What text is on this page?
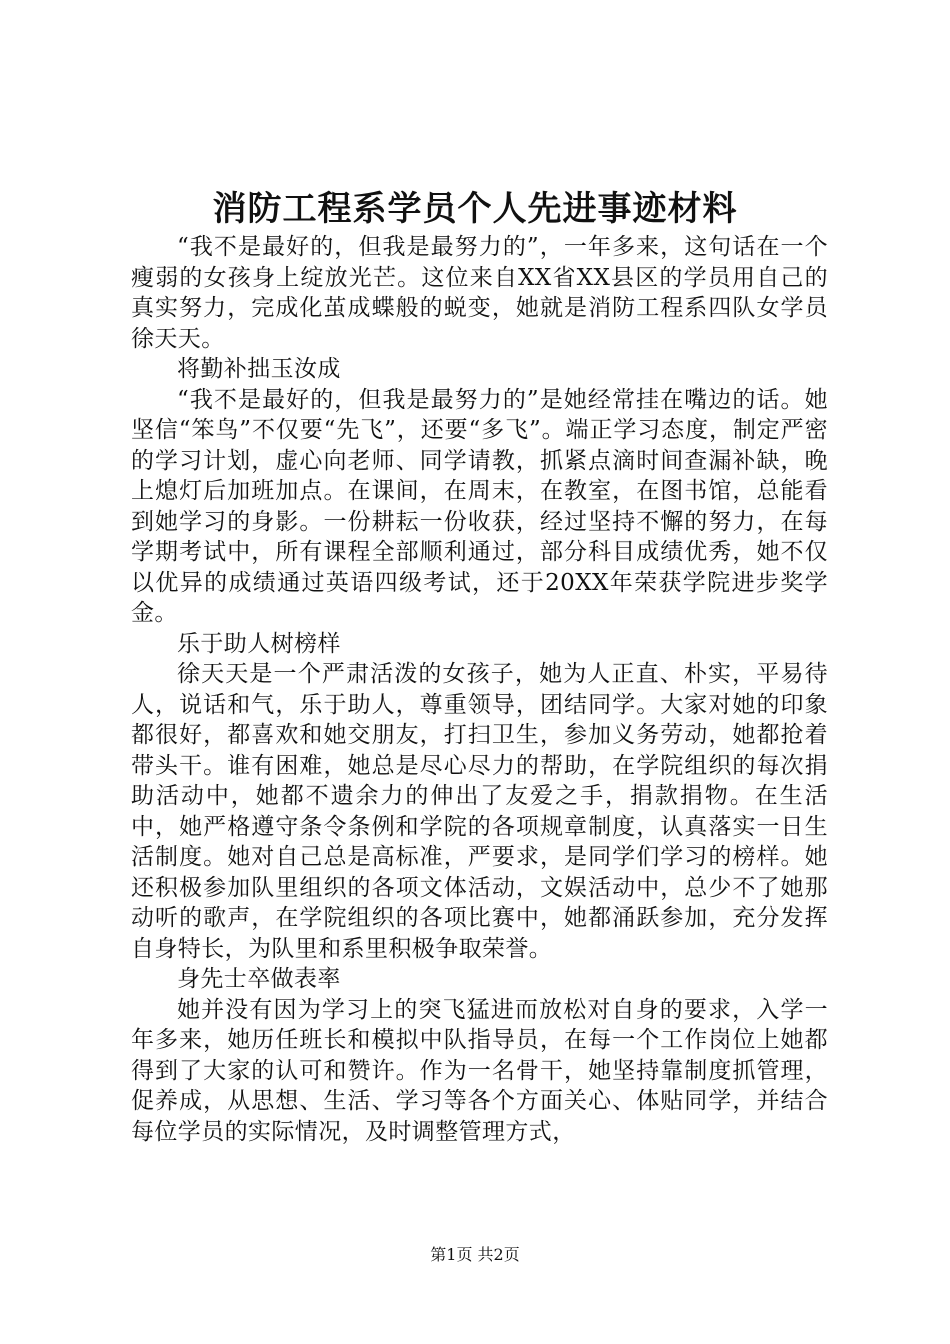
消防工程系学员个人先进事迹材料

“我不是最好的，但我是最努力的”，一年多来，这句话在一个瘦弱的女孩身上绽放光芒。这位来自XX省XX县区的学员用自己的真实努力，完成化茧成蝶般的蜕变，她就是消防工程系四队女学员徐天天。

将勤补拙玉汝成

“我不是最好的，但我是最努力的”是她经常挂在嘴边的话。她坚信“笨鸟”不仅要“先飞”，还要“多飞”。端正学习态度，制定严密的学习计划，虚心向老师、同学请教，抓紧点滴时间查漏补缺，晚上熄灯后加班加点。在课间，在周末，在教室，在图书馆，总能看到她学习的身影。一份耕耘一份收获，经过坚持不懈的努力，在每学期考试中，所有课程全部顺利通过，部分科目成绩优秀，她不仅以优异的成绩通过英语四级考试，还于20XX年荣获学院进步奖学金。

乐于助人树榜样

徐天天是一个严肃活泼的女孩子，她为人正直、朴实，平易待人，说话和气，乐于助人，尊重领导，团结同学。大家对她的印象都很好，都喜欢和她交朋友，打扫卫生，参加义务劳动，她都抢着带头干。谁有困难，她总是尽心尽力的帮助，在学院组织的每次捐助活动中，她都不遗余力的伸出了友爱之手，捐款捐物。在生活中，她严格遵守条令条例和学院的各项规章制度，认真落实一日生活制度。她对自己总是高标准，严要求，是同学们学习的榜样。她还积极参加队里组织的各项文体活动，文娱活动中，总少不了她那动听的歌声，在学院组织的各项比赛中，她都涌跃参加，充分发挥自身特长，为队里和系里积极争取荣誉。

身先士卒做表率

她并没有因为学习上的突飞猛进而放松对自身的要求，入学一年多来，她历任班长和模拟中队指导员，在每一个工作岗位上她都得到了大家的认可和赞许。作为一名骨干，她坚持靠制度抓管理，促养成，从思想、生活、学习等各个方面关心、体贴同学，并结合每位学员的实际情况，及时调整管理方式，

第1页 共2页
